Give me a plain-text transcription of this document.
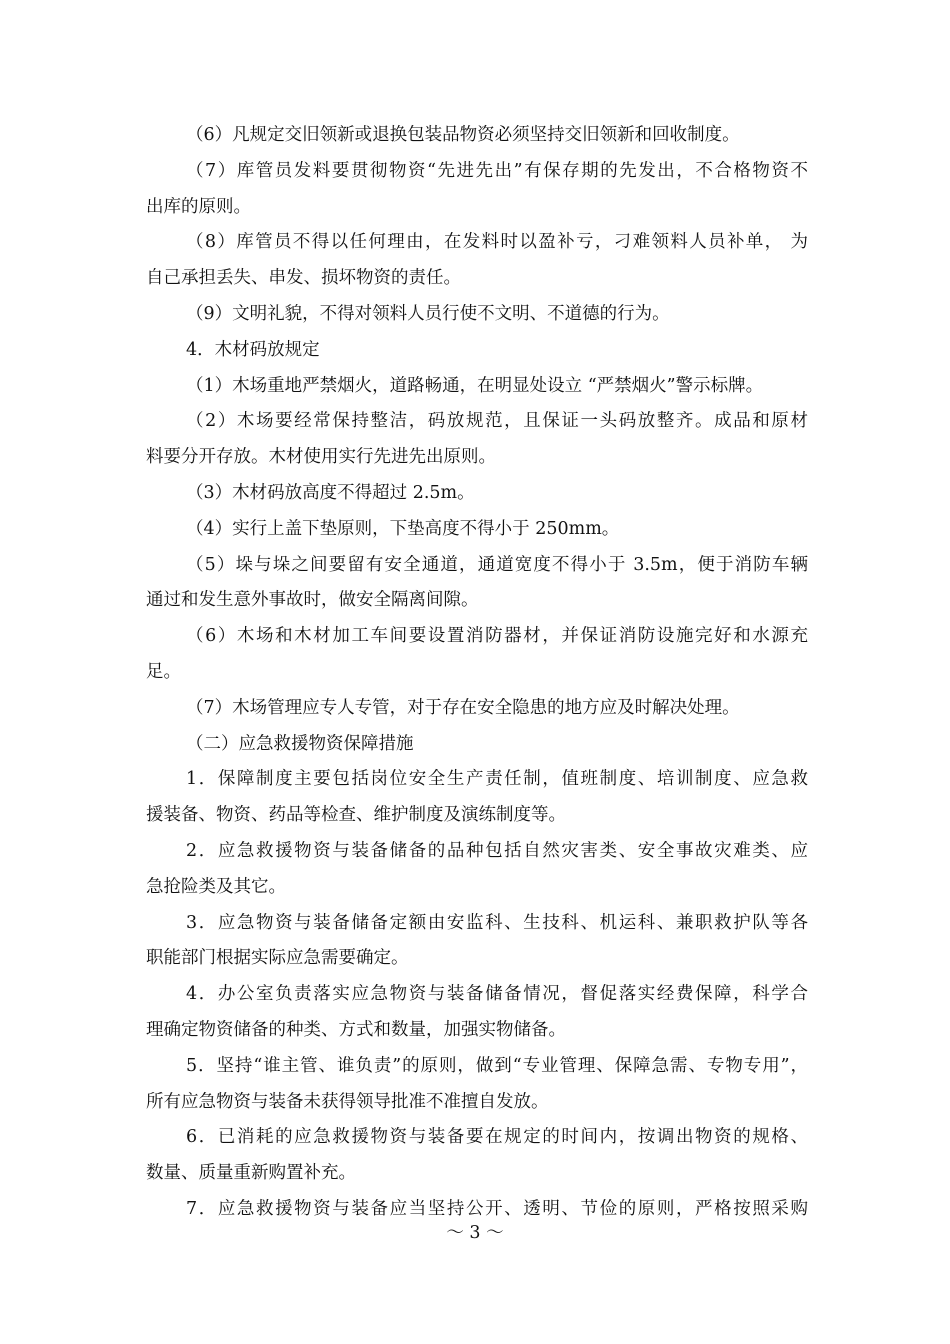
（6）凡规定交旧领新或退换包装品物资必须坚持交旧领新和回收制度。
（7）库管员发料要贯彻物资“先进先出”有保存期的先发出，不合格物资不
出库的原则。
（8）库管员不得以任何理由，在发料时以盈补亏，刁难领料人员补单， 为
自己承担丢失、串发、损坏物资的责任。
（9）文明礼貌，不得对领料人员行使不文明、不道德的行为。
4．木材码放规定
（1）木场重地严禁烟火，道路畅通，在明显处设立 “严禁烟火”警示标牌。
（2）木场要经常保持整洁，码放规范，且保证一头码放整齐。成品和原材
料要分开存放。木材使用实行先进先出原则。
（3）木材码放高度不得超过 2.5m。
（4）实行上盖下垫原则，下垫高度不得小于 250mm。
（5）垛与垛之间要留有安全通道，通道宽度不得小于 3.5m，便于消防车辆
通过和发生意外事故时，做安全隔离间隙。
（6）木场和木材加工车间要设置消防器材，并保证消防设施完好和水源充
足。
（7）木场管理应专人专管，对于存在安全隐患的地方应及时解决处理。
（二）应急救援物资保障措施
1．保障制度主要包括岗位安全生产责任制，值班制度、培训制度、应急救
援装备、物资、药品等检查、维护制度及演练制度等。
2．应急救援物资与装备储备的品种包括自然灾害类、安全事故灾难类、应
急抢险类及其它。
3．应急物资与装备储备定额由安监科、生技科、机运科、兼职救护队等各
职能部门根据实际应急需要确定。
4．办公室负责落实应急物资与装备储备情况，督促落实经费保障，科学合
理确定物资储备的种类、方式和数量，加强实物储备。
5．坚持“谁主管、谁负责”的原则，做到“专业管理、保障急需、专物专用”，
所有应急物资与装备未获得领导批准不准擅自发放。
6．已消耗的应急救援物资与装备要在规定的时间内，按调出物资的规格、
数量、质量重新购置补充。
7．应急救援物资与装备应当坚持公开、透明、节俭的原则，严格按照采购
～ 3 ～
